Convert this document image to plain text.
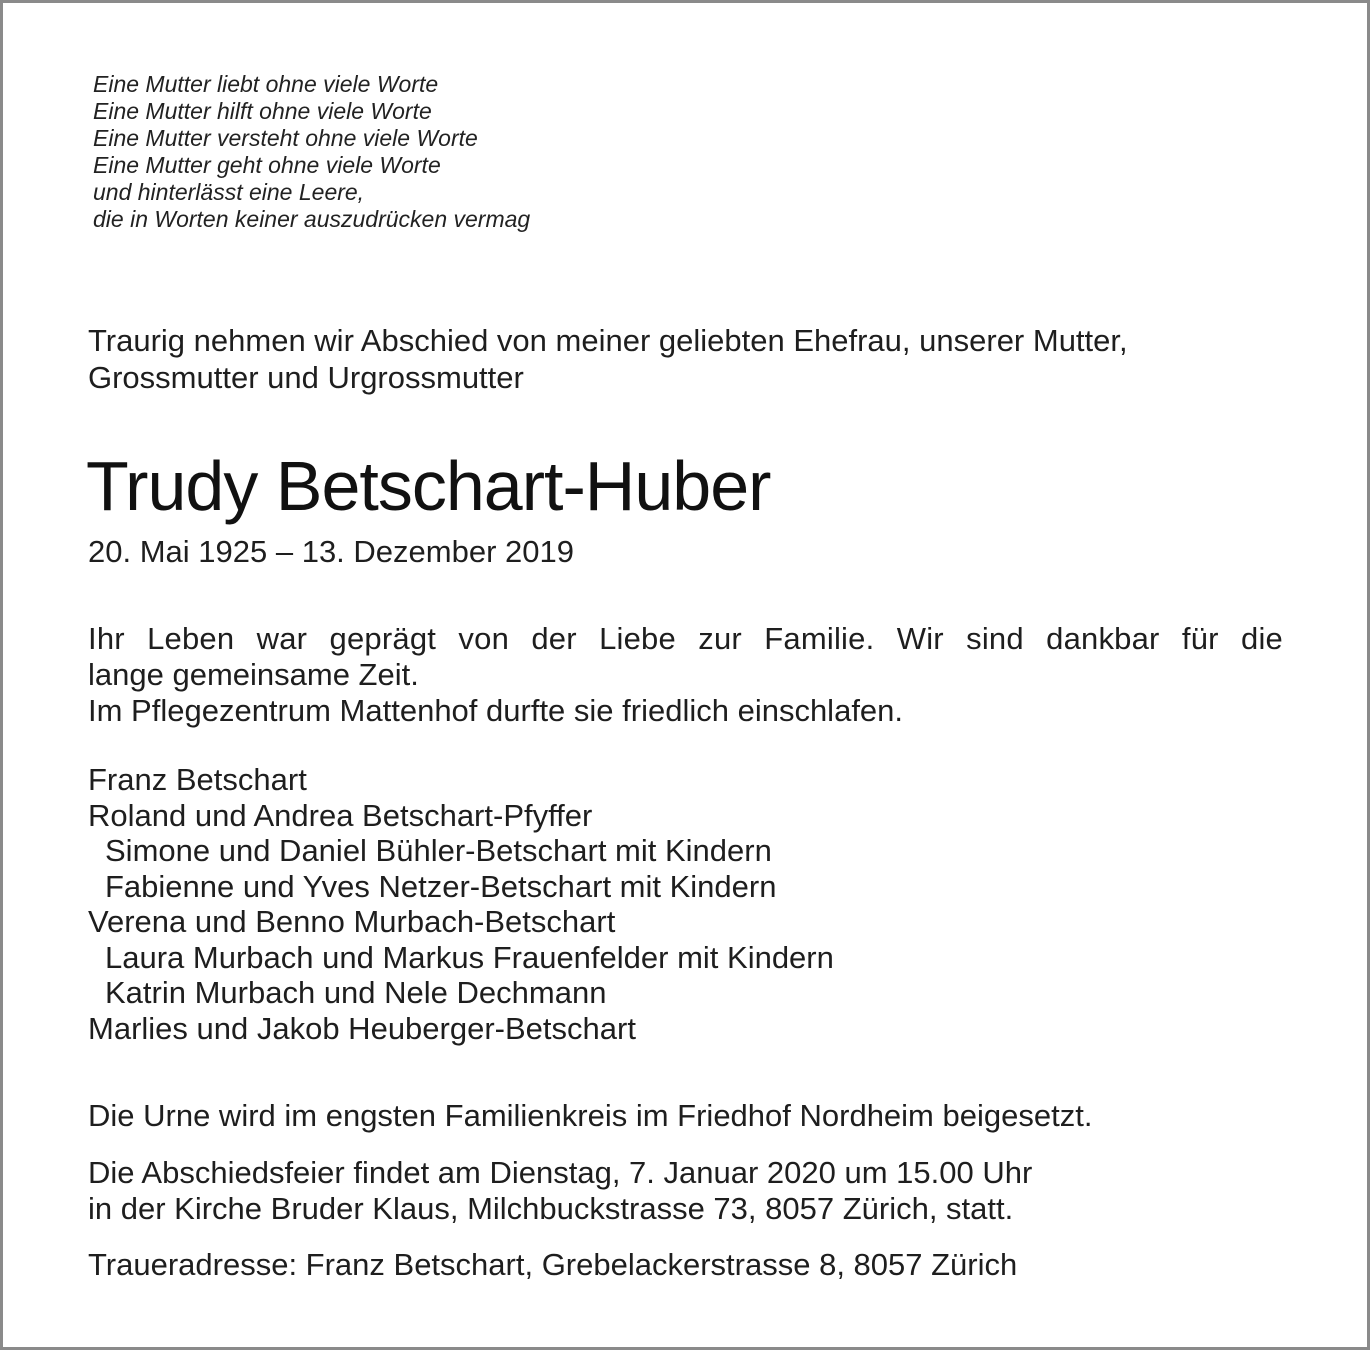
Eine Mutter liebt ohne viele Worte
Eine Mutter hilft ohne viele Worte
Eine Mutter versteht ohne viele Worte
Eine Mutter geht ohne viele Worte
und hinterlässt eine Leere,
die in Worten keiner auszudrücken vermag
Traurig nehmen wir Abschied von meiner geliebten Ehefrau, unserer Mutter,
Grossmutter und Urgrossmutter
Trudy Betschart-Huber
20. Mai 1925 – 13. Dezember 2019
Ihr Leben war geprägt von der Liebe zur Familie. Wir sind dankbar für die
lange gemeinsame Zeit.
Im Pflegezentrum Mattenhof durfte sie friedlich einschlafen.
Franz Betschart
Roland und Andrea Betschart-Pfyffer
Simone und Daniel Bühler-Betschart mit Kindern
Fabienne und Yves Netzer-Betschart mit Kindern
Verena und Benno Murbach-Betschart
Laura Murbach und Markus Frauenfelder mit Kindern
Katrin Murbach und Nele Dechmann
Marlies und Jakob Heuberger-Betschart
Die Urne wird im engsten Familienkreis im Friedhof Nordheim beigesetzt.
Die Abschiedsfeier findet am Dienstag, 7. Januar 2020 um 15.00 Uhr
in der Kirche Bruder Klaus, Milchbuckstrasse 73, 8057 Zürich, statt.
Traueradresse: Franz Betschart, Grebelackerstrasse 8, 8057 Zürich
